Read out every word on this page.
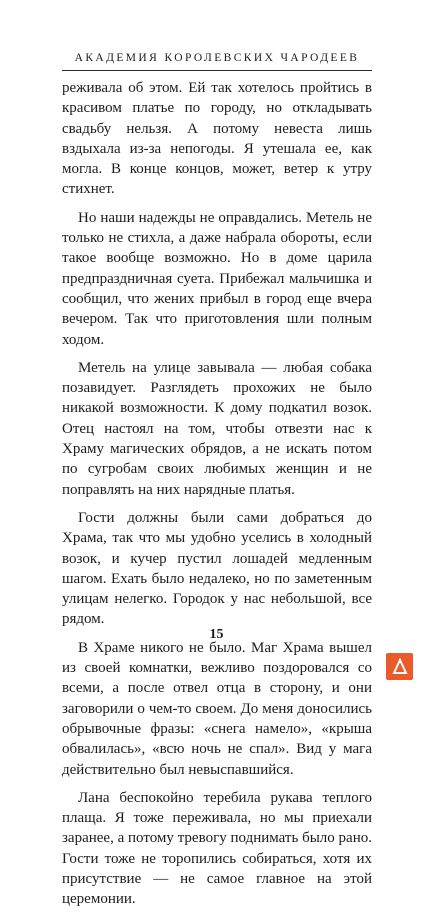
АКАДЕМИЯ КОРОЛЕВСКИХ ЧАРОДЕЕВ

реживала об этом. Ей так хотелось пройтись в красивом платье по городу, но откладывать свадьбу нельзя. А потому невеста лишь вздыхала из-за непогоды. Я утешала ее, как могла. В конце концов, может, ветер к утру стихнет.

Но наши надежды не оправдались. Метель не только не стихла, а даже набрала обороты, если такое вообще возможно. Но в доме царила предпраздничная суета. Прибежал мальчишка и сообщил, что жених прибыл в город еще вчера вечером. Так что приготовления шли полным ходом.

Метель на улице завывала — любая собака позавидует. Разглядеть прохожих не было никакой возможности. К дому подкатил возок. Отец настоял на том, чтобы отвезти нас к Храму магических обрядов, а не искать потом по сугробам своих любимых женщин и не поправлять на них нарядные платья.

Гости должны были сами добраться до Храма, так что мы удобно уселись в холодный возок, и кучер пустил лошадей медленным шагом. Ехать было недалеко, но по заметенным улицам нелегко. Городок у нас небольшой, все рядом.

В Храме никого не было. Маг Храма вышел из своей комнатки, вежливо поздоровался со всеми, а после отвел отца в сторону, и они заговорили о чем-то своем. До меня доносились обрывочные фразы: «снега намело», «крыша обвалилась», «всю ночь не спал». Вид у мага действительно был невыспавшийся.

Лана беспокойно теребила рукава теплого плаща. Я тоже переживала, но мы приехали заранее, а потому тревогу поднимать было рано. Гости тоже не торопились собираться, хотя их присутствие — не самое главное на этой церемонии.

15
